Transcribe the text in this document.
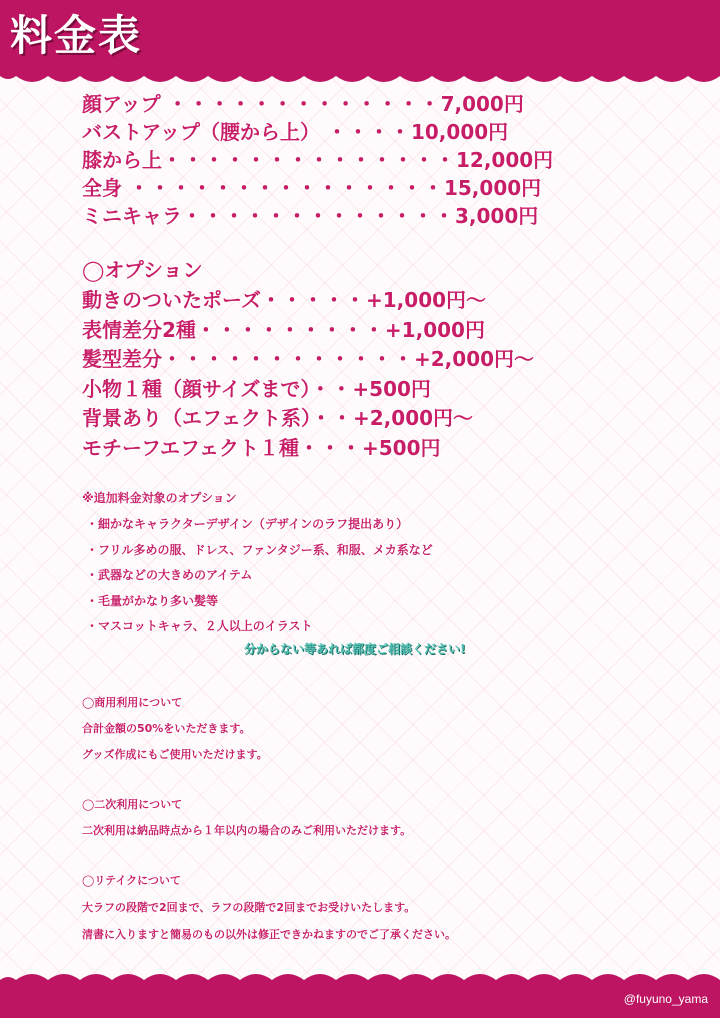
料金表
顔アップ ・・・・・・・・・・・・・7,000円
バストアップ（腰から上） ・・・・10,000円
膝から上・・・・・・・・・・・・・・12,000円
全身 ・・・・・・・・・・・・・・・15,000円
ミニキャラ・・・・・・・・・・・・・3,000円
◯オプション
動きのついたポーズ・・・・・+1,000円〜
表情差分2種・・・・・・・・・+1,000円
髪型差分・・・・・・・・・・・・+2,000円〜
小物１種（顔サイズまで）・・+500円
背景あり（エフェクト系）・・+2,000円〜
モチーフエフェクト１種・・・+500円
※追加料金対象のオプション
・細かなキャラクターデザイン（デザインのラフ提出あり）
・フリル多めの服、ドレス、ファンタジー系、和服、メカ系など
・武器などの大きめのアイテム
・毛量がかなり多い髪等
・マスコットキャラ、２人以上のイラスト
分からない等あれば都度ご相談ください!
◯商用利用について
合計金額の50%をいただきます。
グッズ作成にもご使用いただけます。
◯二次利用について
二次利用は納品時点から１年以内の場合のみご利用いただけます。
◯リテイクについて
大ラフの段階で2回まで、ラフの段階で2回までお受けいたします。
清書に入りますと簡易のもの以外は修正できかねますのでご了承ください。
@fuyuno_yama
